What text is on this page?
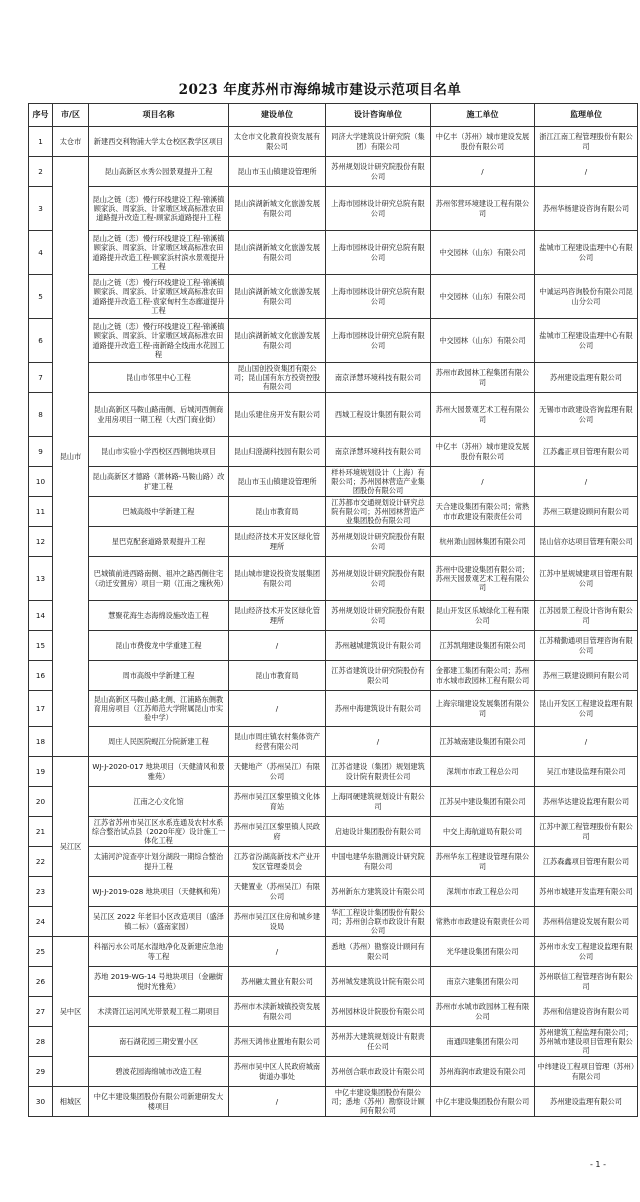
2023 年度苏州市海绵城市建设示范项目名单
序号	市/区	项目名称	建设单位	设计咨询单位	施工单位	监理单位
1	太仓市	新建西交利物浦大学太仓校区教学区项目	太仓市文化教育投资发展有限公司	同济大学建筑设计研究院（集团）有限公司	中亿丰（苏州）城市建设发展股份有限公司	浙江江南工程管理股份有限公司
2	昆山市	昆山高新区水秀公园景观提升工程	昆山市玉山镇建设管理所	苏州规划设计研究院股份有限公司	/	/
3		昆山之链（恋）慢行环线建设工程-锦溪镇顾家浜、周家浜、计家墩区域高标准农田道路提升改造工程-顾家浜道路提升工程	昆山滨湖新城文化旅游发展有限公司	上海市园林设计研究总院有限公司	苏州邻营环境建设工程有限公司	苏州华杨建设咨询有限公司
4		昆山之链（恋）慢行环线建设工程-锦溪镇顾家浜、周家浜、计家墩区域高标准农田道路提升改造工程-顾家浜村滨水景观提升工程	昆山滨湖新城文化旅游发展有限公司	上海市园林设计研究总院有限公司	中交园林（山东）有限公司	盐城市工程建设监理中心有限公司
5		昆山之链（恋）慢行环线建设工程-锦溪镇顾家浜、周家浜、计家墩区域高标准农田道路提升改造工程-袁家甸村生态廊道提升工程	昆山滨湖新城文化旅游发展有限公司	上海市园林设计研究总院有限公司	中交园林（山东）有限公司	中诚运玛咨询股份有限公司昆山分公司
6		昆山之链（恋）慢行环线建设工程-锦溪镇顾家浜、周家浜、计家墩区域高标准农田道路提升改造工程-南新路全线南水花园工程	昆山滨湖新城文化旅游发展有限公司	上海市园林设计研究总院有限公司	中交园林（山东）有限公司	盐城市工程建设监理中心有限公司
7		昆山市邻里中心工程	昆山国创投资集团有限公司；昆山国有东方投资控股有限公司	南京泽慧环境科技有限公司	苏州市政园林工程集团有限公司	苏州建设监理有限公司
8		昆山高新区马鞍山路南侧、后城河西侧商业用房项目一期工程（大西门商业街）	昆山乐建住房开发有限公司	西城工程设计集团有限公司	苏州大园景观艺术工程有限公司	无锡市市政建设咨询监理有限公司
9		昆山市实验小学西校区西侧地块项目	昆山归澄湖科技园有限公司	南京泽慧环境科技有限公司	中亿丰（苏州）城市建设发展股份有限公司	江苏鑫正项目管理有限公司
10		昆山高新区才德路（萧林路-马鞍山路）改扩建工程	昆山市玉山镇建设管理所	样朴环境规划设计（上海）有限公司；苏州园林营造产业集团股份有限公司	/	/
11		巴城高级中学新建工程	昆山市教育局	江苏都市交通规划设计研究总院有限公司；苏州园林营造产业集团股份有限公司	天合建设集团有限公司；常熟市市政建设有限责任公司	苏州三联建设顾问有限公司
12		星巴克配套道路景观提升工程	昆山经济技术开发区绿化管理所	苏州规划设计研究院股份有限公司	杭州萧山园林集团有限公司	昆山信亦达项目管理有限公司
13		巴城镇前进西路南侧、祖冲之路西侧住宅（动迁安置房）项目一期（江南之瑰秋苑）	昆山城市建设投资发展集团有限公司	苏州规划设计研究院股份有限公司	苏州中设建设集团有限公司；苏州天园景观艺术工程有限公司	江苏中星规城建项目管理有限公司
14		慧聚花海生态海绵设施改造工程	昆山经济技术开发区绿化管理所	苏州规划设计研究院股份有限公司	昆山开发区乐城绿化工程有限公司	江苏园景工程设计咨询有限公司
15		昆山市费俊龙中学重建工程	/	苏州越城建筑设计有限公司	江苏凯翔建设集团有限公司	江苏精勤通项目管理咨询有限公司
16		周市高级中学新建工程	昆山市教育局	江苏省建筑设计研究院股份有限公司	金都建工集团有限公司；苏州市水城市政园林工程有限公司	苏州三联建设顾问有限公司
17		昆山高新区马鞍山路北侧、江浦路东侧教育用房项目（江苏师范大学附属昆山市实验中学）	/	苏州中海建筑设计有限公司	上海宗瑞建设发展集团有限公司	昆山开发区工程建设监理有限公司
18		周庄人民医院蚬江分院新建工程	昆山市周庄镇农村集体资产经营有限公司	/	江苏城南建设集团有限公司	/
19	吴江区	WJ-J-2020-017 地块项目（天健清风和景雅苑）	天健地产（苏州吴江）有限公司	江苏省建设（集团）规划建筑设计院有限责任公司	深圳市市政工程总公司	吴江市建设监理有限公司
20		江南之心文化馆	苏州市吴江区黎里镇文化体育站	上海同硬建筑规划设计有限公司	江苏吴中建设集团有限公司	苏州华达建设监理有限公司
21		江苏省苏州市吴江区水系连通及农村水系综合整治试点县（2020年度）设计施工一体化工程	苏州市吴江区黎里镇人民政府	启迪设计集团股份有限公司	中交上海航道局有限公司	江苏中源工程管理股份有限公司
22		太浦河沪淀查亭计划分湖段一期综合整治提升工程	江苏省汾湖高新技术产业开发区管理委员会	中国电建华东勘测设计研究院有限公司	苏州华东工程建设管理有限公司	江苏森鑫项目管理有限公司
23		WJ-J-2019-028 地块项目（天健枫和苑）	天健置业（苏州吴江）有限公司	苏州新东方建筑设计有限公司	深圳市市政工程总公司	苏州市城建开发监理有限公司
24		吴江区 2022 年老旧小区改造项目（盛泽镇二标）（盛南家园）	苏州市吴江区住房和城乡建设局	华汇工程设计集团股份有限公司；苏州创合联市政设计有限公司	常熟市市政建设有限责任公司	苏州科信建设发展有限公司
25	吴中区	科福污水公司尾水湿地净化及新建应急池等工程	/	悉地（苏州）勘察设计顾问有限公司	光华建设集团有限公司	苏州市永安工程建设监理有限公司
26		苏地 2019-WG-14 号地块项目（金融街悦时光雅苑）	苏州融太置业有限公司	苏州城发建筑设计院有限公司	南京六建集团有限公司	苏州联信工程管理咨询有限公司
27		木渎胥江运河风光带景观工程二期项目	苏州市木渎新城镇投资发展有限公司	苏州园林设计院股份有限公司	苏州市水城市政园林工程有限公司	苏州和信建设咨询有限公司
28		南石湖花园三期安置小区	苏州天鸿伟业置地有限公司	苏州苏大建筑规划设计有限责任公司	南通四建集团有限公司	苏州建筑工程监理有限公司；苏州城市建设项目管理有限公司
29		碧波花园海绵城市改造工程	苏州市吴中区人民政府城南街道办事处	苏州创合联市政设计有限公司	苏州海润市政建设有限公司	中纬建设工程项目管理（苏州）有限公司
30	相城区	中亿丰建设集团股份有限公司新建研发大楼项目	/	中亿丰建设集团股份有限公司；悉地（苏州）勘察设计顾问有限公司	中亿丰建设集团股份有限公司	苏州建设监理有限公司
- 1 -
